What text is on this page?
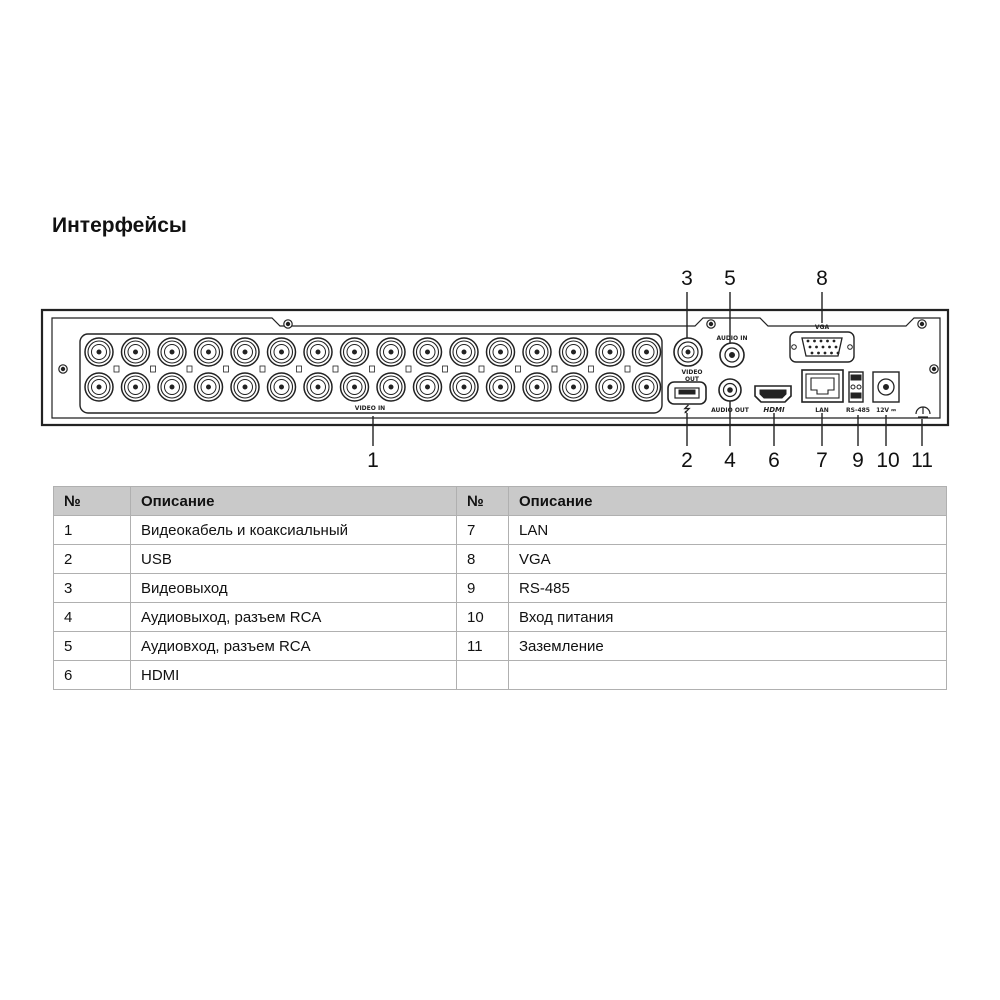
Интерфейсы
VIDEO IN
VIDEO
OUT
⭍
AUDIO IN
AUDIO OUT HDMI	LAN
VGA
RS-485 12V ⎓
1	2
3
4
5
6 7
8
9 10 11
№	Описание	№	Описание
1	Видеокабель и коаксиальный	7	LAN
2	USB	8	VGA
3	Видеовыход	9	RS-485
4	Аудиовыход, разъем RCA	10	Вход питания
5	Аудиовход, разъем RCA	11	Заземление
6	HDMI		
